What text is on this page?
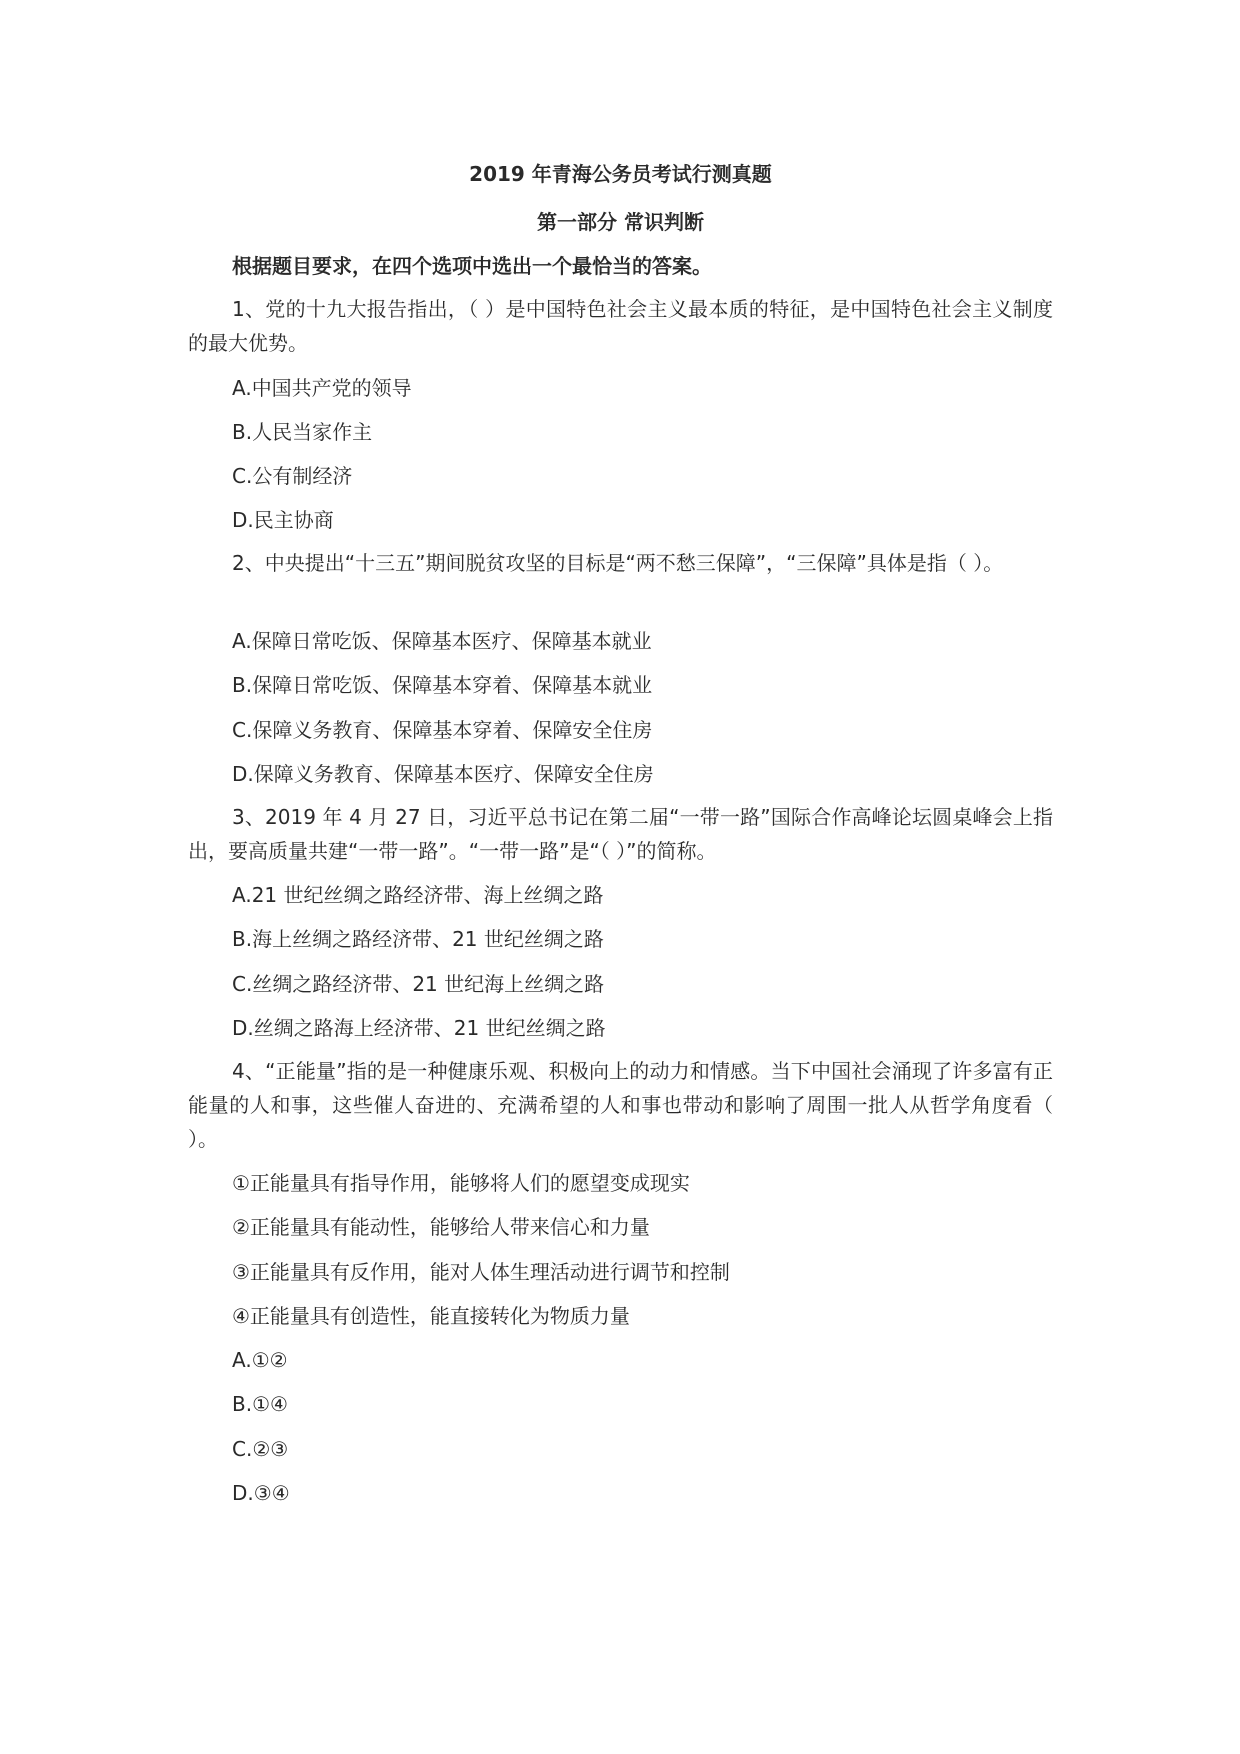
2019 年青海公务员考试行测真题
第一部分 常识判断
根据题目要求，在四个选项中选出一个最恰当的答案。
1、党的十九大报告指出，（ ）是中国特色社会主义最本质的特征，是中国特色社会主义制度的最大优势。
A.中国共产党的领导
B.人民当家作主
C.公有制经济
D.民主协商
2、中央提出“十三五”期间脱贫攻坚的目标是“两不愁三保障”，“三保障”具体是指（ ）。
A.保障日常吃饭、保障基本医疗、保障基本就业
B.保障日常吃饭、保障基本穿着、保障基本就业
C.保障义务教育、保障基本穿着、保障安全住房
D.保障义务教育、保障基本医疗、保障安全住房
3、2019 年 4 月 27 日，习近平总书记在第二届“一带一路”国际合作高峰论坛圆桌峰会上指出，要高质量共建“一带一路”。“一带一路”是“（ ）”的简称。
A.21 世纪丝绸之路经济带、海上丝绸之路
B.海上丝绸之路经济带、21 世纪丝绸之路
C.丝绸之路经济带、21 世纪海上丝绸之路
D.丝绸之路海上经济带、21 世纪丝绸之路
4、“正能量”指的是一种健康乐观、积极向上的动力和情感。当下中国社会涌现了许多富有正能量的人和事，这些催人奋进的、充满希望的人和事也带动和影响了周围一批人从哲学角度看（ ）。
①正能量具有指导作用，能够将人们的愿望变成现实
②正能量具有能动性，能够给人带来信心和力量
③正能量具有反作用，能对人体生理活动进行调节和控制
④正能量具有创造性，能直接转化为物质力量
A.①②
B.①④
C.②③
D.③④
